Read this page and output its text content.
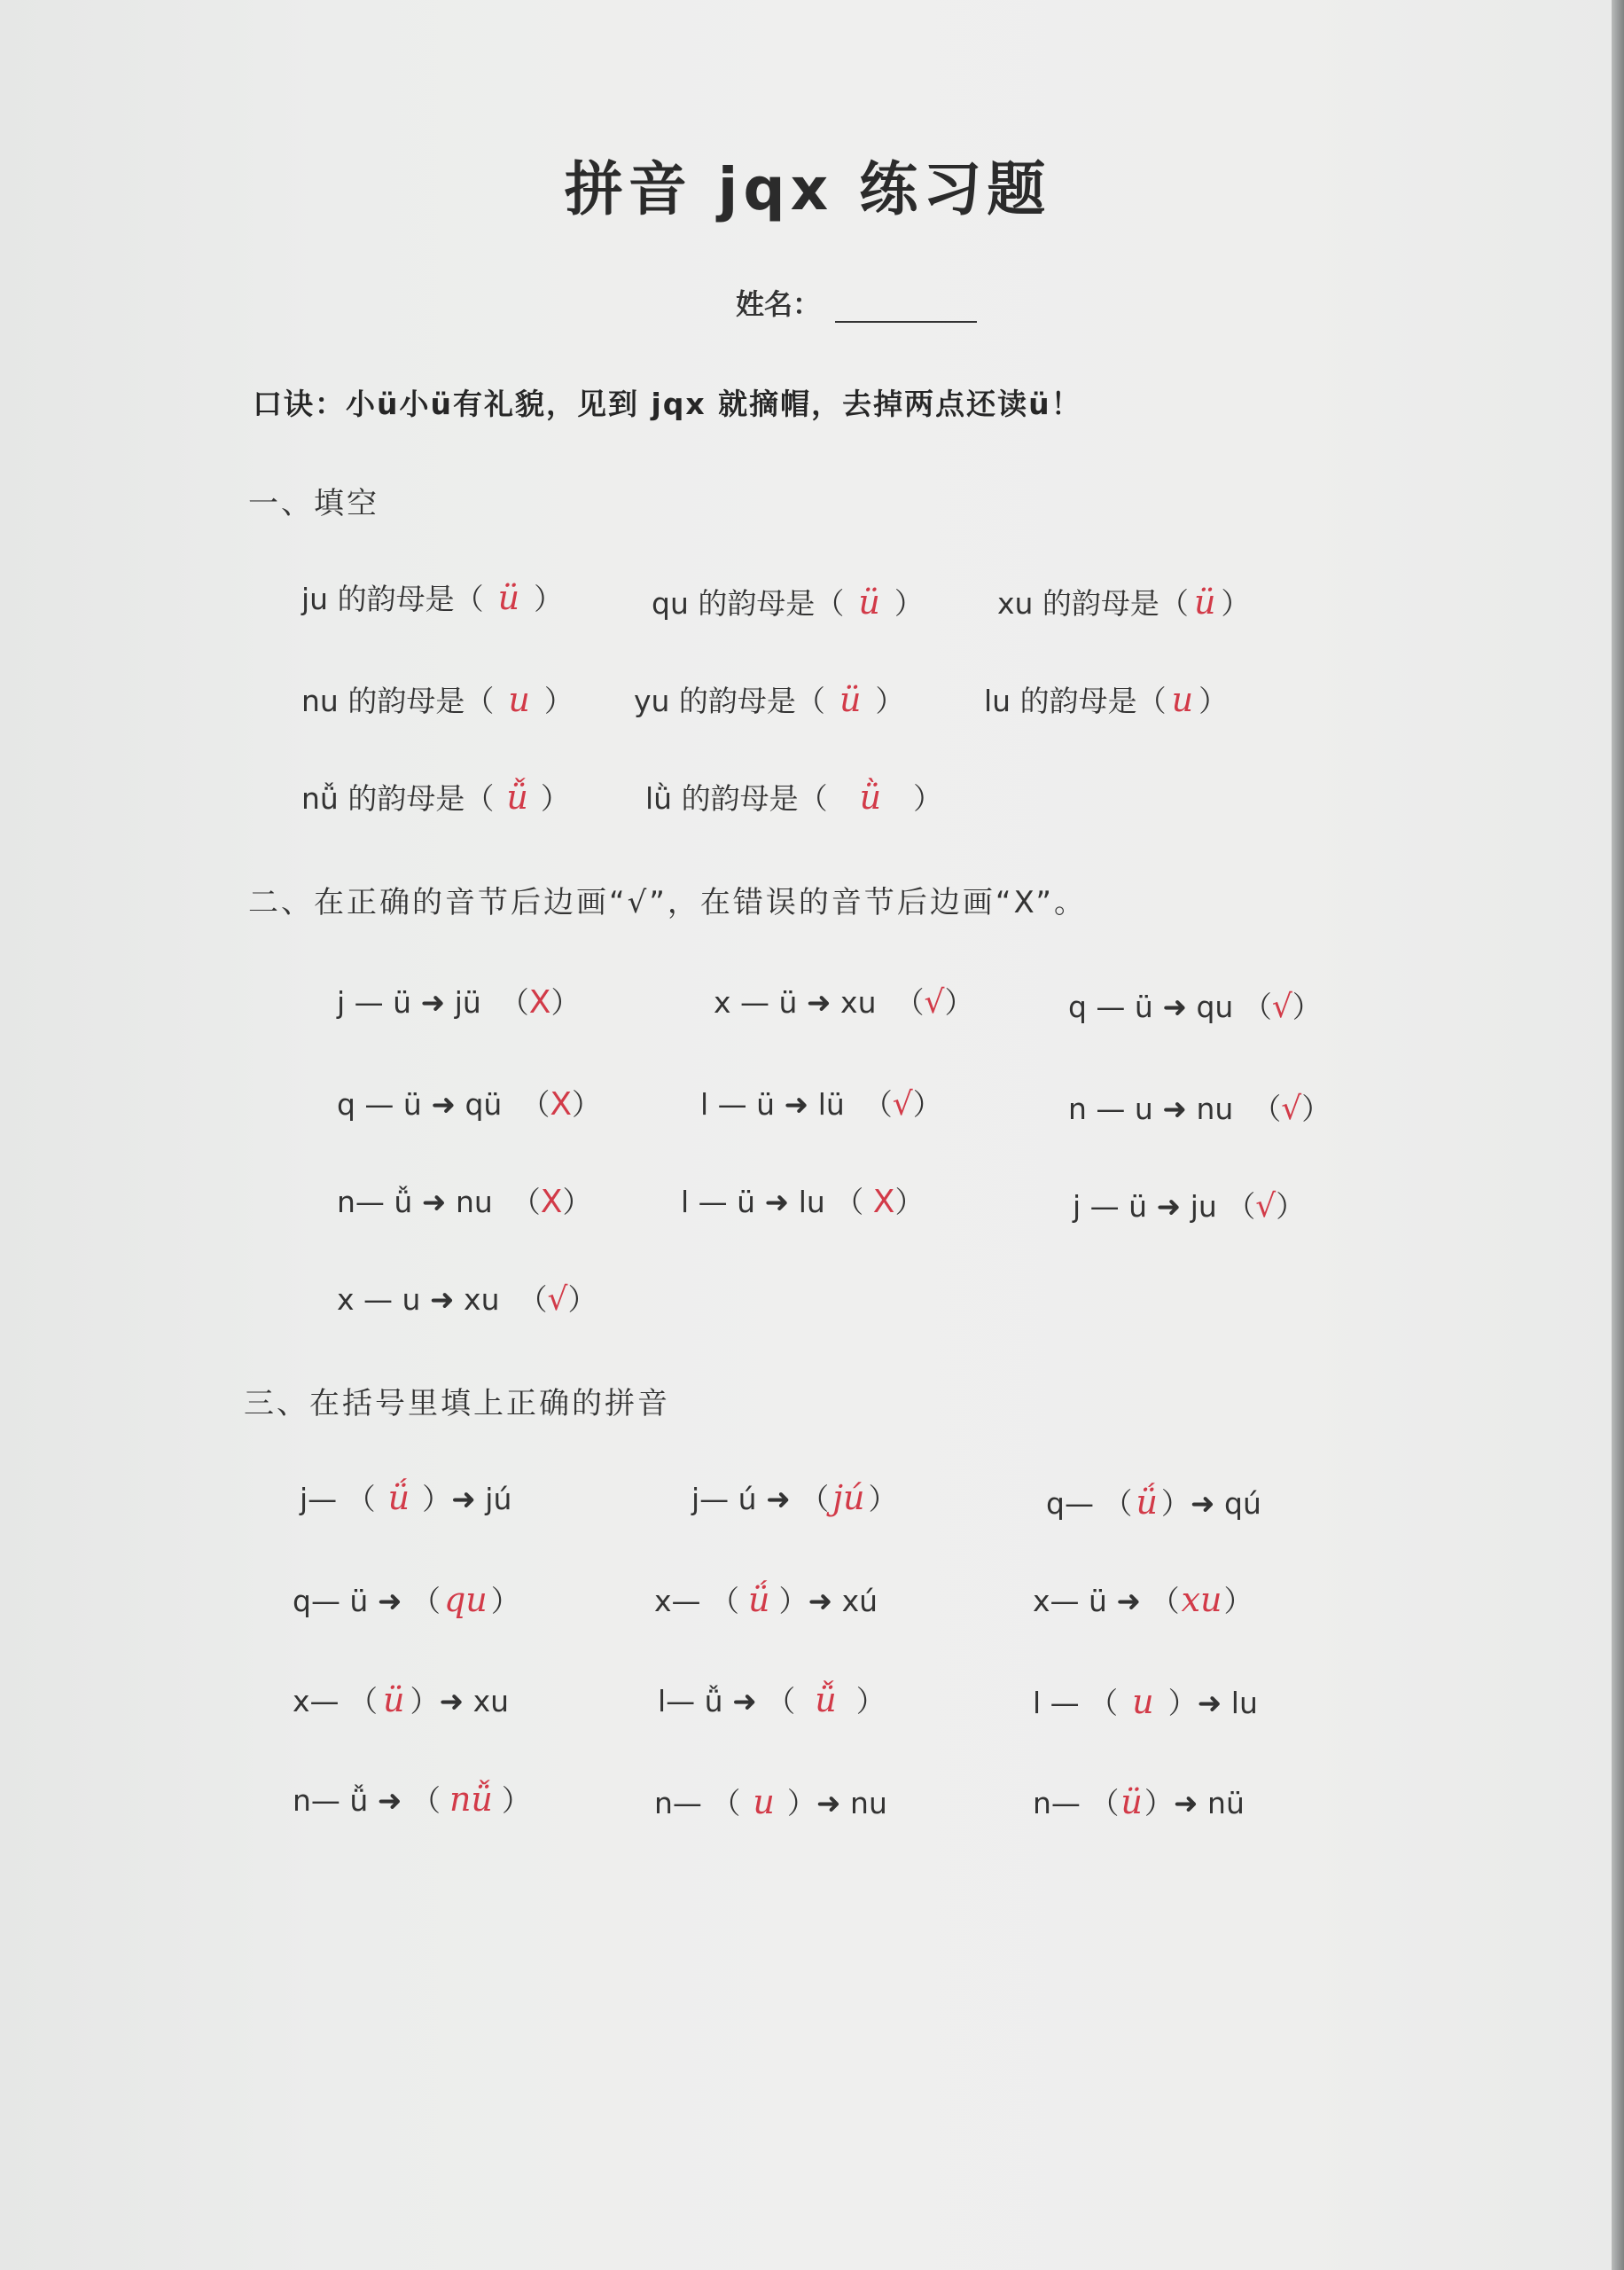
拼音 jqx 练习题
姓名：
口诀：小ü小ü有礼貌，见到 jqx 就摘帽，去掉两点还读ü！
一、填空
ju 的韵母是（ ü ）	qu 的韵母是（ ü ）	xu 的韵母是（ ü ）
nu 的韵母是（ u ） yu 的韵母是（ ü ）	lu 的韵母是（ u ）
nǚ 的韵母是（ ǚ ）	lǜ 的韵母是（ ǜ ）
二、在正确的音节后边画“√”，在错误的音节后边画“X”。
j — ü ➜ jü  （X）	x — ü ➜ xu  （√）	q — ü ➜ qu （√）
q — ü ➜ qü  （X）	l — ü ➜ lü  （√）	n — u ➜ nu  （√）
n— ǚ ➜ nu  （X）	l — ü ➜ lu （ X）	j — ü ➜ ju （√）
x — u ➜ xu  （√）
三、在括号里填上正确的拼音
j— （ ǘ ）➜ jú	j— ú ➜ （ jú ）	q— （ ǘ ）➜ qú
q— ü ➜ （ qu ）	x— （ ǘ ）➜ xú	x— ü ➜ （xu）
x— （ ü ）➜ xu	l— ǚ ➜ （ ǚ ）	l — （ u ）➜ lu
n— ǚ ➜ （ nǚ ）	n— （ u ）➜ nu	n— （ü）➜ nü
